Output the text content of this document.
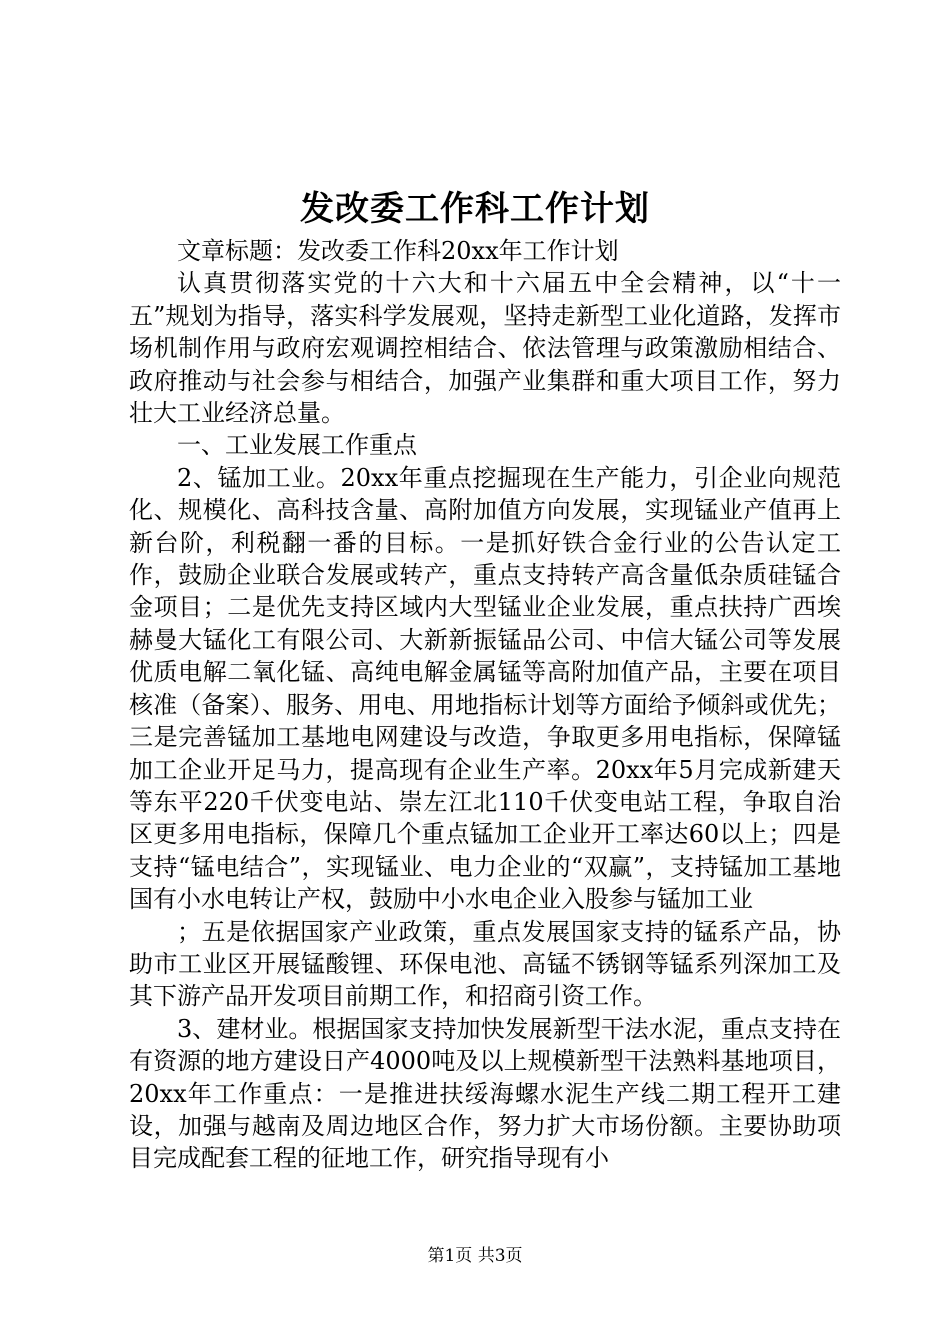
发改委工作科工作计划

文章标题：发改委工作科20xx年工作计划

认真贯彻落实党的十六大和十六届五中全会精神，以“十一五”规划为指导，落实科学发展观，坚持走新型工业化道路，发挥市场机制作用与政府宏观调控相结合、依法管理与政策激励相结合、政府推动与社会参与相结合，加强产业集群和重大项目工作，努力壮大工业经济总量。

一、工业发展工作重点

2、锰加工业。20xx年重点挖掘现在生产能力，引企业向规范化、规模化、高科技含量、高附加值方向发展，实现锰业产值再上新台阶，利税翻一番的目标。一是抓好铁合金行业的公告认定工作，鼓励企业联合发展或转产，重点支持转产高含量低杂质硅锰合金项目；二是优先支持区域内大型锰业企业发展，重点扶持广西埃赫曼大锰化工有限公司、大新新振锰品公司、中信大锰公司等发展优质电解二氧化锰、高纯电解金属锰等高附加值产品，主要在项目核准（备案）、服务、用电、用地指标计划等方面给予倾斜或优先；三是完善锰加工基地电网建设与改造，争取更多用电指标，保障锰加工企业开足马力，提高现有企业生产率。20xx年5月完成新建天等东平220千伏变电站、崇左江北110千伏变电站工程，争取自治区更多用电指标，保障几个重点锰加工企业开工率达60以上；四是支持“锰电结合”，实现锰业、电力企业的“双赢”，支持锰加工基地国有小水电转让产权，鼓励中小水电企业入股参与锰加工业

；五是依据国家产业政策，重点发展国家支持的锰系产品，协助市工业区开展锰酸锂、环保电池、高锰不锈钢等锰系列深加工及其下游产品开发项目前期工作，和招商引资工作。

3、建材业。根据国家支持加快发展新型干法水泥，重点支持在有资源的地方建设日产4000吨及以上规模新型干法熟料基地项目，20xx年工作重点：一是推进扶绥海螺水泥生产线二期工程开工建设，加强与越南及周边地区合作，努力扩大市场份额。主要协助项目完成配套工程的征地工作，研究指导现有小

第1页 共3页
